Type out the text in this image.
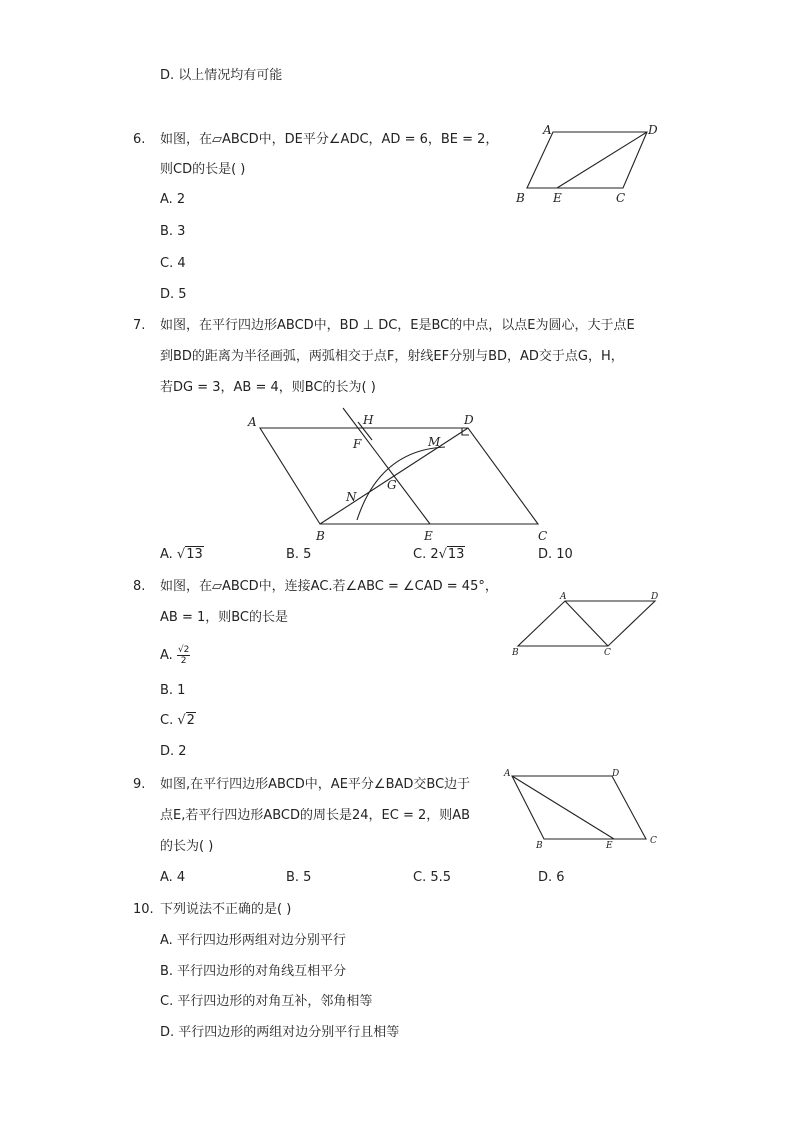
D. 以上情况均有可能
6. 如图，在▱ABCD中，DE平分∠ADC，AD = 6，BE = 2，
则CD的长是( )
A. 2
B. 3
C. 4
D. 5
A	D
B E	C
7. 如图，在平行四边形ABCD中，BD ⊥ DC，E是BC的中点，以点E为圆心，大于点E
到BD的距离为半径画弧，两弧相交于点F，射线EF分别与BD，AD交于点G，H，
若DG = 3，AB = 4，则BC的长为( )
A	D
B	E	C
H
F
G
M
N
A. √13	B. 5	C. 2√13	D. 10
8. 如图，在▱ABCD中，连接AC.若∠ABC = ∠CAD = 45°，
AB = 1，则BC的长是
A	D
B	C
A. $\frac{√2}{2}$
B. 1
C. √2
D. 2
9. 如图,在平行四边形ABCD中，AE平分∠BAD交BC边于
点E,若平行四边形ABCD的周长是24，EC = 2，则AB
的长为( )
A	D
B	E	C
A. 4	B. 5	C. 5.5	D. 6
10. 下列说法不正确的是( )
A. 平行四边形两组对边分别平行
B. 平行四边形的对角线互相平分
C. 平行四边形的对角互补，邻角相等
D. 平行四边形的两组对边分别平行且相等
